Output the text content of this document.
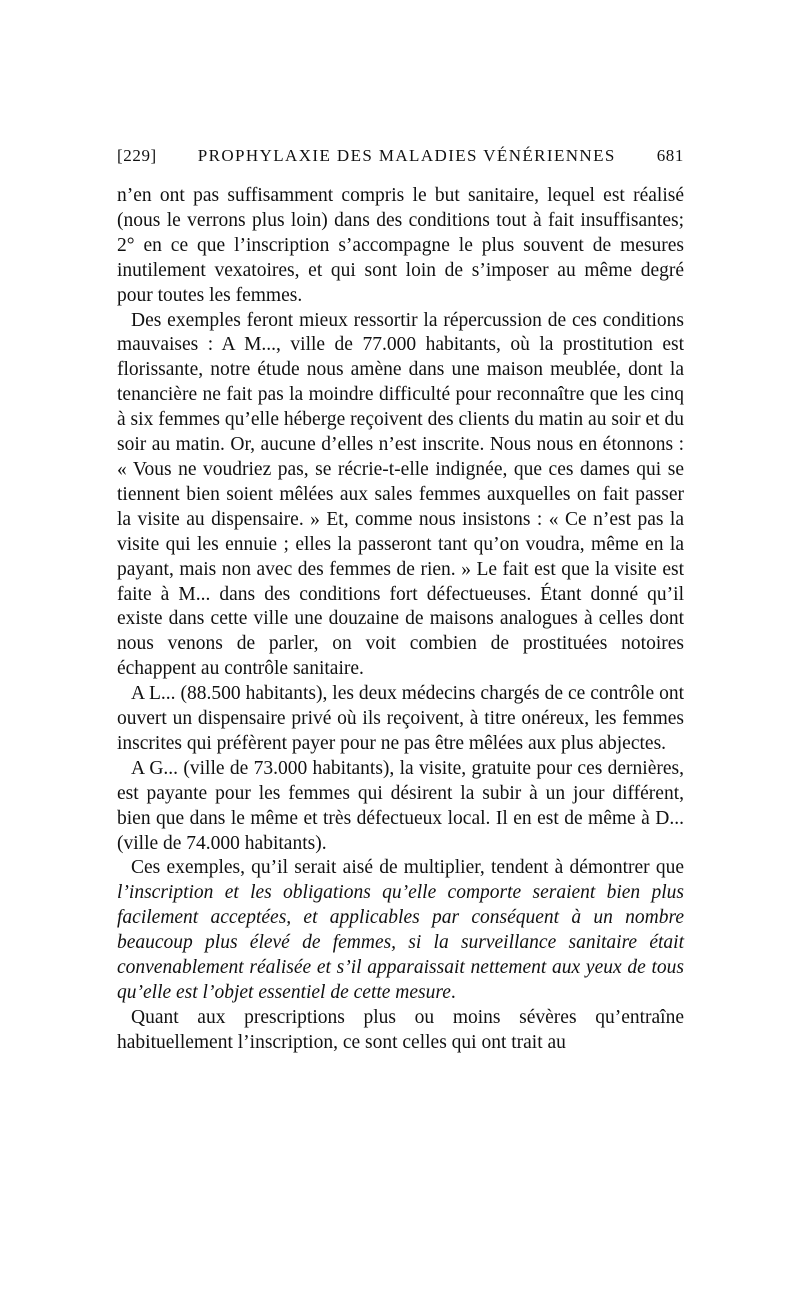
[229] PROPHYLAXIE DES MALADIES VÉNÉRIENNES 681

n’en ont pas suffisamment compris le but sanitaire, lequel est réalisé (nous le verrons plus loin) dans des conditions tout à fait insuffisantes; 2° en ce que l’inscription s’accompagne le plus souvent de mesures inutilement vexatoires, et qui sont loin de s’imposer au même degré pour toutes les femmes.

Des exemples feront mieux ressortir la répercussion de ces conditions mauvaises : A M..., ville de 77.000 habitants, où la prostitution est florissante, notre étude nous amène dans une maison meublée, dont la tenancière ne fait pas la moindre difficulté pour reconnaître que les cinq à six femmes qu’elle héberge reçoivent des clients du matin au soir et du soir au matin. Or, aucune d’elles n’est inscrite. Nous nous en étonnons : « Vous ne voudriez pas, se récrie-t-elle indignée, que ces dames qui se tiennent bien soient mêlées aux sales femmes auxquelles on fait passer la visite au dispensaire. » Et, comme nous insistons : « Ce n’est pas la visite qui les ennuie ; elles la passeront tant qu’on voudra, même en la payant, mais non avec des femmes de rien. » Le fait est que la visite est faite à M... dans des conditions fort défectueuses. Étant donné qu’il existe dans cette ville une douzaine de maisons analogues à celles dont nous venons de parler, on voit combien de prostituées notoires échappent au contrôle sanitaire.

A L... (88.500 habitants), les deux médecins chargés de ce contrôle ont ouvert un dispensaire privé où ils reçoivent, à titre onéreux, les femmes inscrites qui préfèrent payer pour ne pas être mêlées aux plus abjectes.

A G... (ville de 73.000 habitants), la visite, gratuite pour ces dernières, est payante pour les femmes qui désirent la subir à un jour différent, bien que dans le même et très défectueux local. Il en est de même à D... (ville de 74.000 habitants).

Ces exemples, qu’il serait aisé de multiplier, tendent à démontrer que l’inscription et les obligations qu’elle comporte seraient bien plus facilement acceptées, et applicables par conséquent à un nombre beaucoup plus élevé de femmes, si la surveillance sanitaire était convenablement réalisée et s’il apparaissait nettement aux yeux de tous qu’elle est l’objet essentiel de cette mesure.

Quant aux prescriptions plus ou moins sévères qu’entraîne habituellement l’inscription, ce sont celles qui ont trait au
